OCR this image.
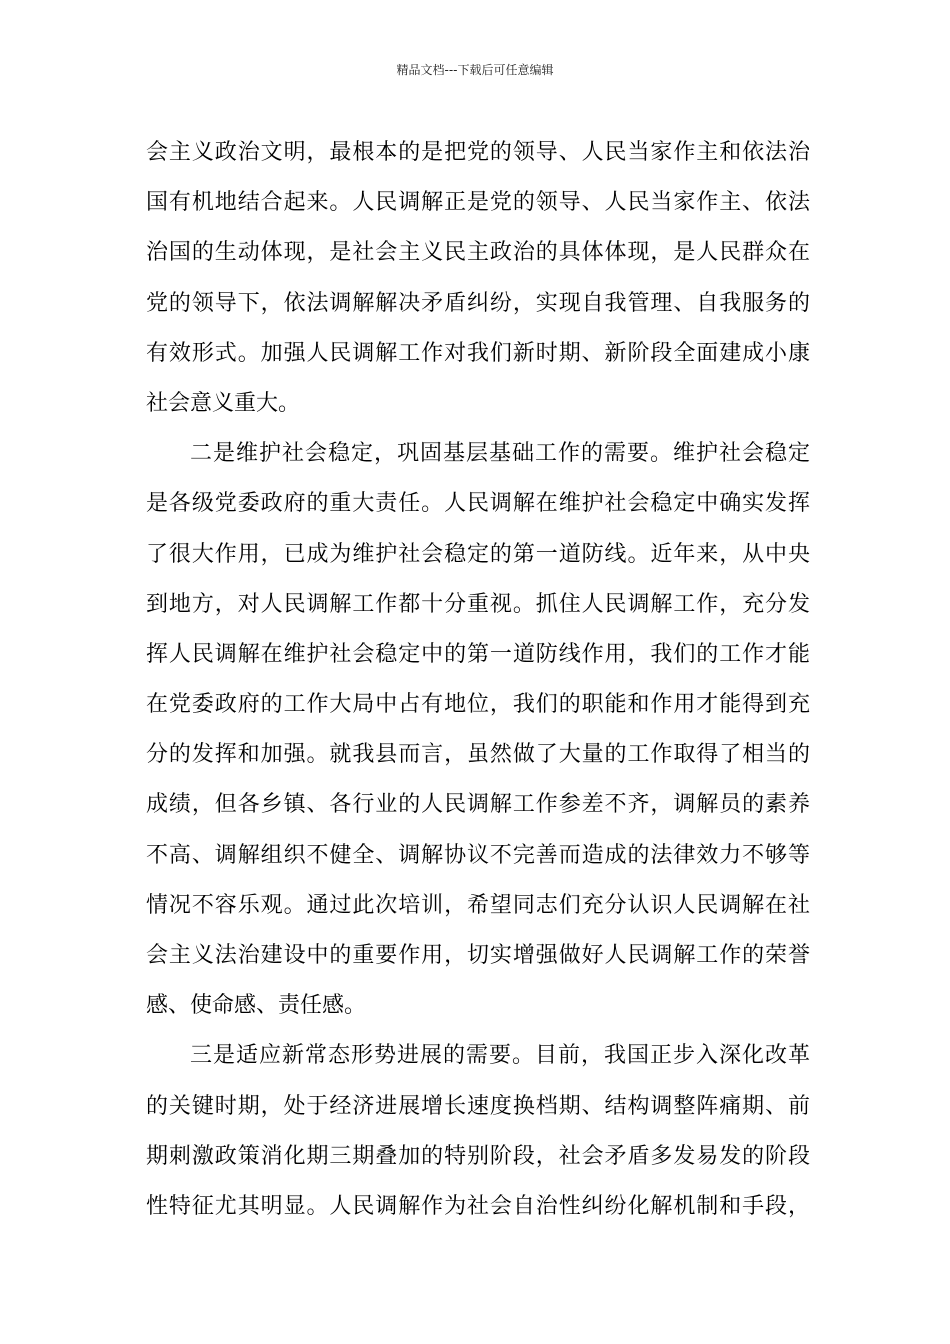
精品文档---下载后可任意编辑
会主义政治文明，最根本的是把党的领导、人民当家作主和依法治
国有机地结合起来。人民调解正是党的领导、人民当家作主、依法
治国的生动体现，是社会主义民主政治的具体体现，是人民群众在
党的领导下，依法调解解决矛盾纠纷，实现自我管理、自我服务的
有效形式。加强人民调解工作对我们新时期、新阶段全面建成小康
社会意义重大。
二是维护社会稳定，巩固基层基础工作的需要。维护社会稳定
是各级党委政府的重大责任。人民调解在维护社会稳定中确实发挥
了很大作用，已成为维护社会稳定的第一道防线。近年来，从中央
到地方，对人民调解工作都十分重视。抓住人民调解工作，充分发
挥人民调解在维护社会稳定中的第一道防线作用，我们的工作才能
在党委政府的工作大局中占有地位，我们的职能和作用才能得到充
分的发挥和加强。就我县而言，虽然做了大量的工作取得了相当的
成绩，但各乡镇、各行业的人民调解工作参差不齐，调解员的素养
不高、调解组织不健全、调解协议不完善而造成的法律效力不够等
情况不容乐观。通过此次培训，希望同志们充分认识人民调解在社
会主义法治建设中的重要作用，切实增强做好人民调解工作的荣誉
感、使命感、责任感。
三是适应新常态形势进展的需要。目前，我国正步入深化改革
的关键时期，处于经济进展增长速度换档期、结构调整阵痛期、前
期刺激政策消化期三期叠加的特别阶段，社会矛盾多发易发的阶段
性特征尤其明显。人民调解作为社会自治性纠纷化解机制和手段，
